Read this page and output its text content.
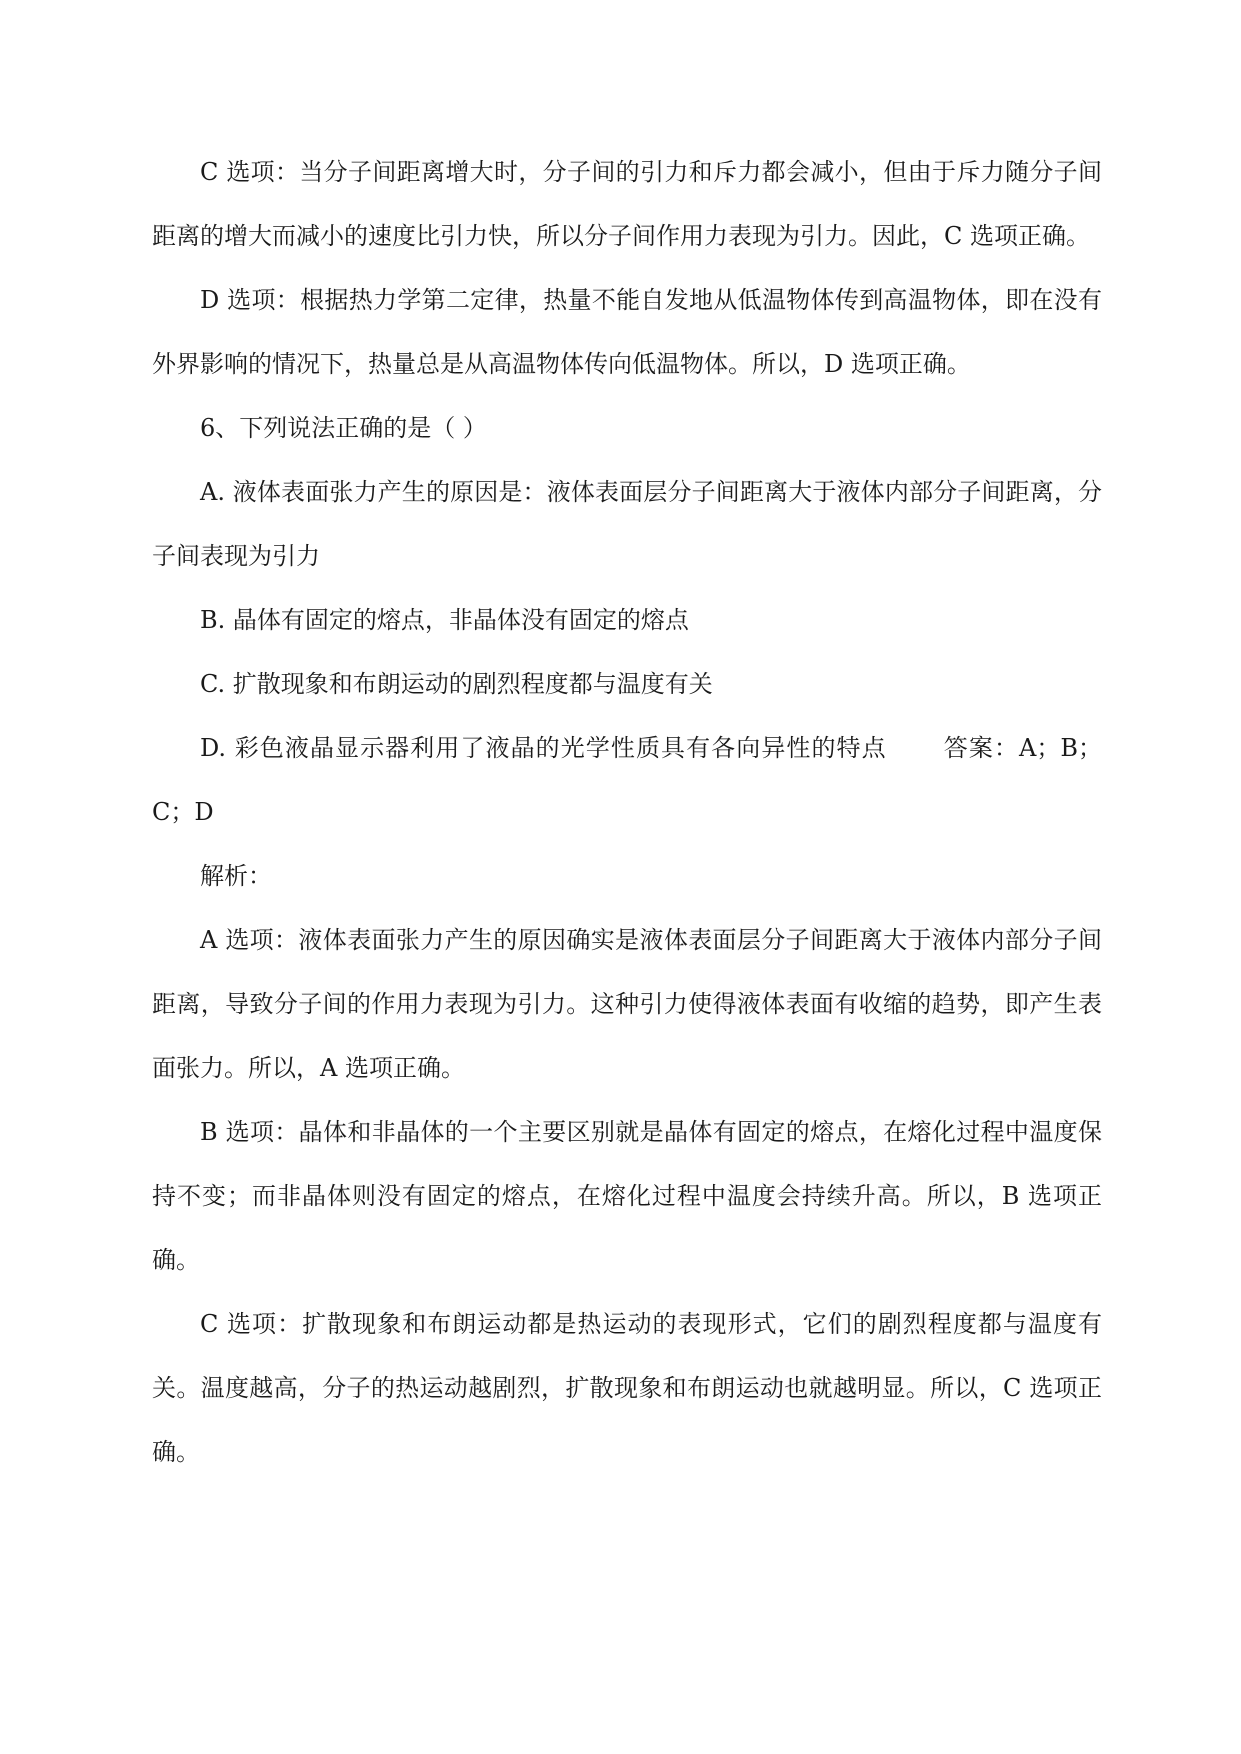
C 选项：当分子间距离增大时，分子间的引力和斥力都会减小，但由于斥力随分子间距离的增大而减小的速度比引力快，所以分子间作用力表现为引力。因此，C 选项正确。

D 选项：根据热力学第二定律，热量不能自发地从低温物体传到高温物体，即在没有外界影响的情况下，热量总是从高温物体传向低温物体。所以，D 选项正确。

6、下列说法正确的是（ ）

A. 液体表面张力产生的原因是：液体表面层分子间距离大于液体内部分子间距离，分子间表现为引力

B. 晶体有固定的熔点，非晶体没有固定的熔点

C. 扩散现象和布朗运动的剧烈程度都与温度有关

D. 彩色液晶显示器利用了液晶的光学性质具有各向异性的特点 答案：A；B；C；D

解析：

A 选项：液体表面张力产生的原因确实是液体表面层分子间距离大于液体内部分子间距离，导致分子间的作用力表现为引力。这种引力使得液体表面有收缩的趋势，即产生表面张力。所以，A 选项正确。

B 选项：晶体和非晶体的一个主要区别就是晶体有固定的熔点，在熔化过程中温度保持不变；而非晶体则没有固定的熔点，在熔化过程中温度会持续升高。所以，B 选项正确。

C 选项：扩散现象和布朗运动都是热运动的表现形式，它们的剧烈程度都与温度有关。温度越高，分子的热运动越剧烈，扩散现象和布朗运动也就越明显。所以，C 选项正确。
